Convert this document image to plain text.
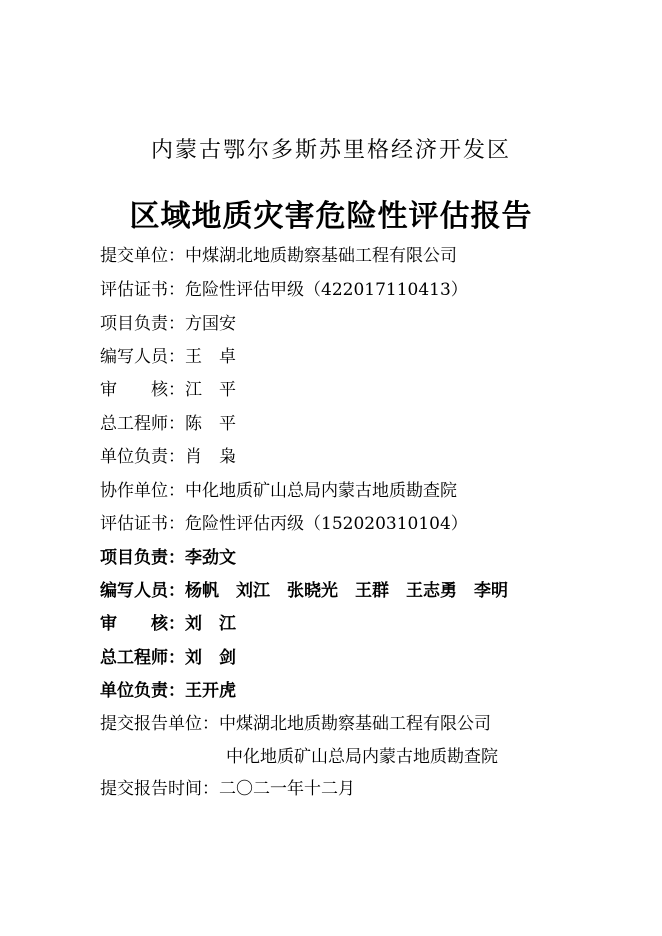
内蒙古鄂尔多斯苏里格经济开发区
区域地质灾害危险性评估报告
提交单位：中煤湖北地质勘察基础工程有限公司
评估证书：危险性评估甲级（422017110413）
项目负责：方国安
编写人员：王　卓
审　　核：江　平
总工程师：陈　平
单位负责：肖　枭
协作单位：中化地质矿山总局内蒙古地质勘查院
评估证书：危险性评估丙级（152020310104）
项目负责：李劲文
编写人员：杨帆　刘江　张晓光　王群　王志勇　李明
审　　核：刘　江
总工程师：刘　剑
单位负责：王开虎
提交报告单位：中煤湖北地质勘察基础工程有限公司
中化地质矿山总局内蒙古地质勘查院
提交报告时间：二〇二一年十二月
